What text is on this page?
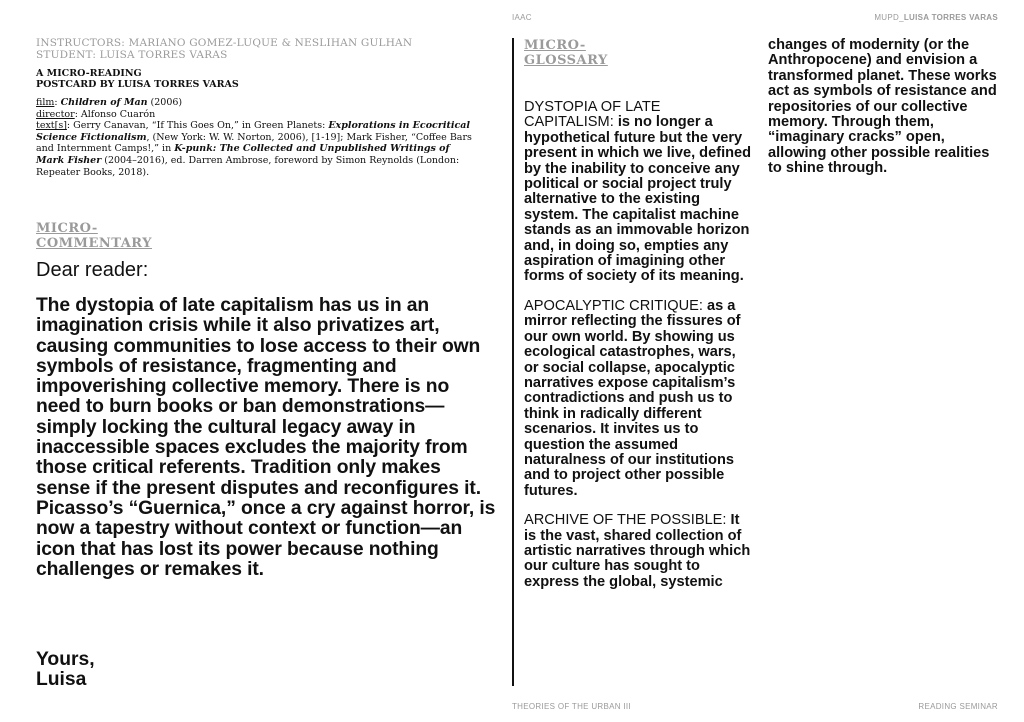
IAAC	MUPD_LUISA TORRES VARAS
INSTRUCTORS: MARIANO GOMEZ-LUQUE & NESLIHAN GULHAN
STUDENT: LUISA TORRES VARAS
A MICRO-READING
POSTCARD BY LUISA TORRES VARAS
film: Children of Man (2006)
director: Alfonso Cuarón
text[s]: Gerry Canavan, “If This Goes On,” in Green Planets: Explorations in Ecocritical Science Fictionalism, (New York: W. W. Norton, 2006), [1-19]; Mark Fisher, “Coffee Bars and Internment Camps!,” in K-punk: The Collected and Unpublished Writings of Mark Fisher (2004–2016), ed. Darren Ambrose, foreword by Simon Reynolds (London: Repeater Books, 2018).
MICRO-
COMMENTARY
Dear reader:
The dystopia of late capitalism has us in an imagination crisis while it also privatizes art, causing communities to lose access to their own symbols of resistance, fragmenting and impoverishing collective memory. There is no need to burn books or ban demonstrations—simply locking the cultural legacy away in inaccessible spaces excludes the majority from those critical referents. Tradition only makes sense if the present disputes and reconfigures it. Picasso’s “Guernica,” once a cry against horror, is now a tapestry without context or function—an icon that has lost its power because nothing challenges or remakes it.
Yours,
Luisa
MICRO-
GLOSSARY

DYSTOPIA OF LATE CAPITALISM: is no longer a hypothetical future but the very present in which we live, defined by the inability to conceive any political or social project truly alternative to the existing system. The capitalist machine stands as an immovable horizon and, in doing so, empties any aspiration of imagining other forms of society of its meaning.

APOCALYPTIC CRITIQUE: as a mirror reflecting the fissures of our own world. By showing us ecological catastrophes, wars, or social collapse, apocalyptic narratives expose capitalism’s contradictions and push us to think in radically different scenarios. It invites us to question the assumed naturalness of our institutions and to project other possible futures.

ARCHIVE OF THE POSSIBLE: It is the vast, shared collection of artistic narratives through which our culture has sought to express the global, systemic

changes of modernity (or the Anthropocene) and envision a transformed planet. These works act as symbols of resistance and repositories of our collective memory. Through them, “imaginary cracks” open, allowing other possible realities to shine through.
THEORIES OF THE URBAN III	READING SEMINAR
